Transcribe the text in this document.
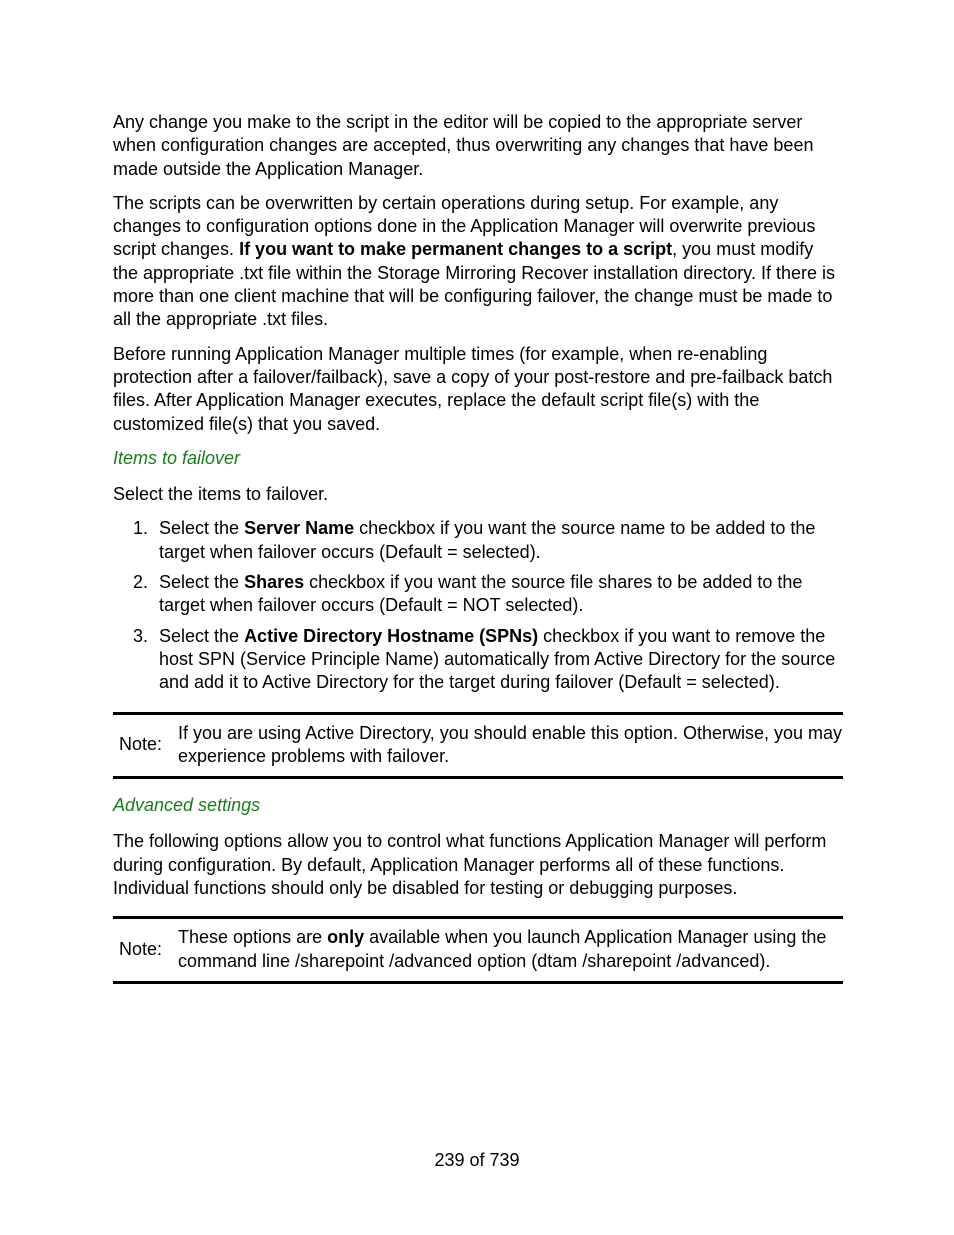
Any change you make to the script in the editor will be copied to the appropriate server when configuration changes are accepted, thus overwriting any changes that have been made outside the Application Manager.

The scripts can be overwritten by certain operations during setup. For example, any changes to configuration options done in the Application Manager will overwrite previous script changes. If you want to make permanent changes to a script, you must modify the appropriate .txt file within the Storage Mirroring Recover installation directory. If there is more than one client machine that will be configuring failover, the change must be made to all the appropriate .txt files.

Before running Application Manager multiple times (for example, when re-enabling protection after a failover/failback), save a copy of your post-restore and pre-failback batch files. After Application Manager executes, replace the default script file(s) with the customized file(s) that you saved.

Items to failover

Select the items to failover.

1. Select the Server Name checkbox if you want the source name to be added to the target when failover occurs (Default = selected).
2. Select the Shares checkbox if you want the source file shares to be added to the target when failover occurs (Default = NOT selected).
3. Select the Active Directory Hostname (SPNs) checkbox if you want to remove the host SPN (Service Principle Name) automatically from Active Directory for the source and add it to Active Directory for the target during failover (Default = selected).
Note:
If you are using Active Directory, you should enable this option. Otherwise, you may experience problems with failover.
Advanced settings

The following options allow you to control what functions Application Manager will perform during configuration. By default, Application Manager performs all of these functions. Individual functions should only be disabled for testing or debugging purposes.

Note:
These options are only available when you launch Application Manager using the command line /sharepoint /advanced option (dtam /sharepoint /advanced).
239 of 739
